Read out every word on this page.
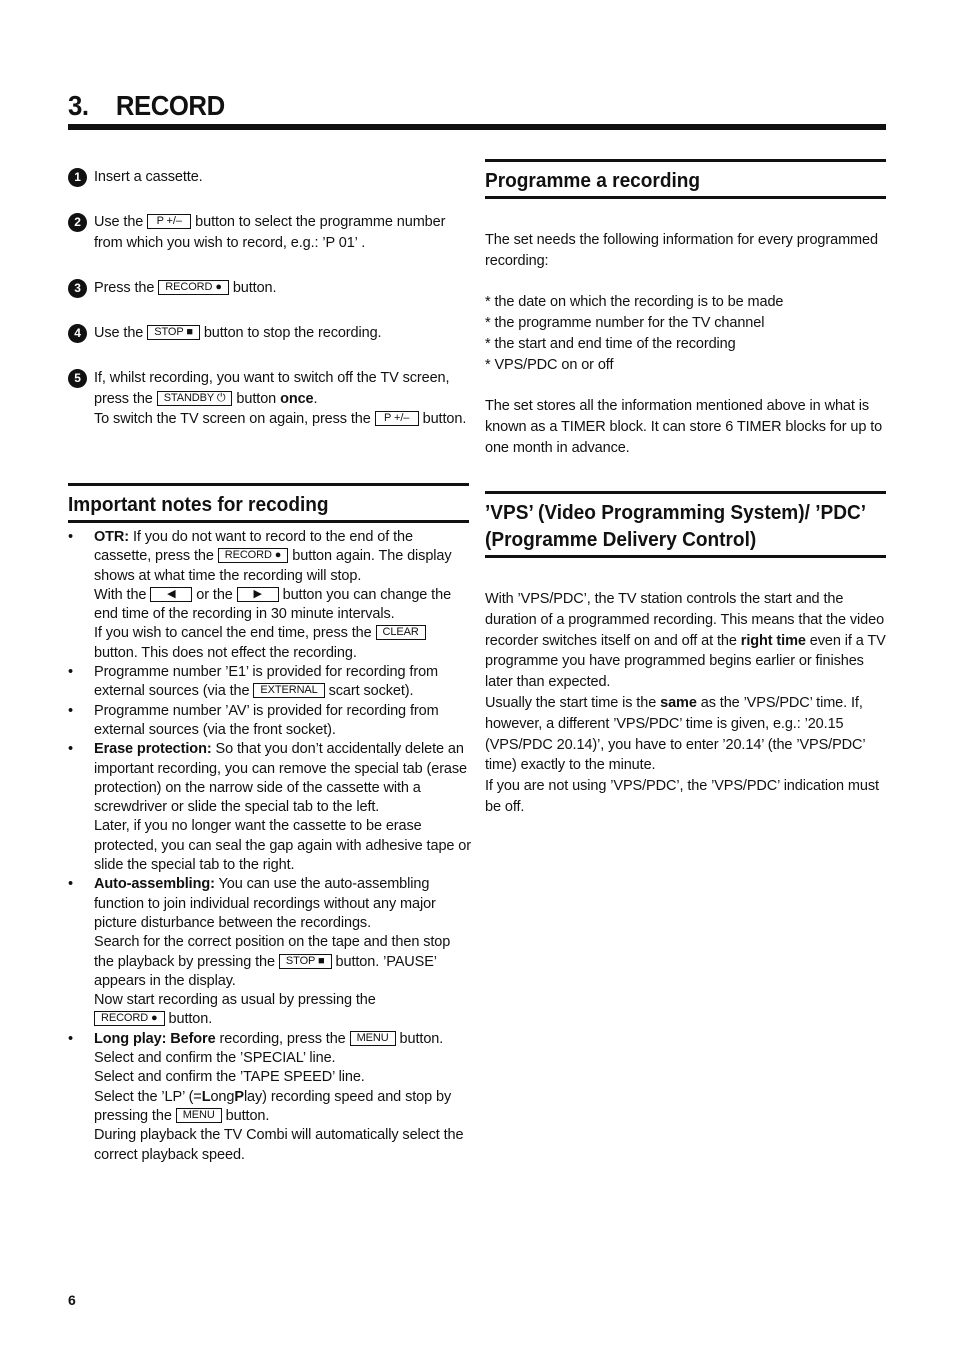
3. RECORD
1 Insert a cassette.
2 Use the P +/– button to select the programme number from which you wish to record, e.g.: ’P 01’ .
3 Press the RECORD ● button.
4 Use the STOP ■ button to stop the recording.
5 If, whilst recording, you want to switch off the TV screen, press the STANDBY ⏻ button once.
To switch the TV screen on again, press the P +/– button.
Important notes for recoding
• OTR: If you do not want to record to the end of the cassette, press the RECORD ● button again. The display shows at what time the recording will stop.
With the ◀ or the ▶ button you can change the end time of the recording in 30 minute intervals.
If you wish to cancel the end time, press the CLEAR button. This does not effect the recording.
• Programme number ’E1’ is provided for recording from external sources (via the EXTERNAL scart socket).
• Programme number ’AV’ is provided for recording from external sources (via the front socket).
• Erase protection: So that you don’t accidentally delete an important recording, you can remove the special tab (erase protection) on the narrow side of the cassette with a screwdriver or slide the special tab to the left.
Later, if you no longer want the cassette to be erase protected, you can seal the gap again with adhesive tape or slide the special tab to the right.
• Auto-assembling: You can use the auto-assembling function to join individual recordings without any major picture disturbance between the recordings.
Search for the correct position on the tape and then stop the playback by pressing the STOP ■ button. ’PAUSE’ appears in the display.
Now start recording as usual by pressing the
RECORD ● button.
• Long play: Before recording, press the MENU button.
Select and confirm the ’SPECIAL’ line.
Select and confirm the ’TAPE SPEED’ line.
Select the ’LP’ (=LongPlay) recording speed and stop by pressing the MENU button.
During playback the TV Combi will automatically select the correct playback speed.
Programme a recording
The set needs the following information for every programmed recording:
* the date on which the recording is to be made
* the programme number for the TV channel
* the start and end time of the recording
* VPS/PDC on or off
The set stores all the information mentioned above in what is known as a TIMER block. It can store 6 TIMER blocks for up to one month in advance.
’VPS’ (Video Programming System)/ ’PDC’
(Programme Delivery Control)
With ’VPS/PDC’, the TV station controls the start and the duration of a programmed recording. This means that the video recorder switches itself on and off at the right time even if a TV programme you have programmed begins earlier or finishes later than expected.
Usually the start time is the same as the ’VPS/PDC’ time. If, however, a different ’VPS/PDC’ time is given, e.g.: ’20.15 (VPS/PDC 20.14)’, you have to enter ’20.14’ (the ’VPS/PDC’ time) exactly to the minute.
If you are not using ’VPS/PDC’, the ’VPS/PDC’ indication must be off.
6
